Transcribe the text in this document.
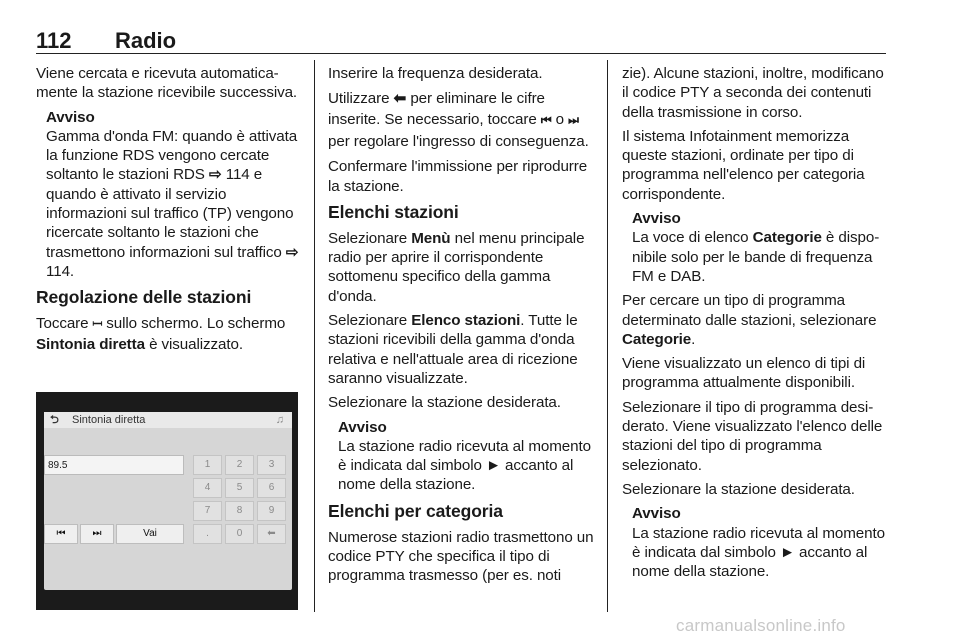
112 Radio

Viene cercata e ricevuta automaticamente la stazione ricevibile successiva.

Avviso
Gamma d'onda FM: quando è attivata la funzione RDS vengono cercate soltanto le stazioni RDS ⇨ 114 e quando è attivato il servizio informazioni sul traffico (TP) vengono ricercate soltanto le stazioni che trasmettono informazioni sul traffico ⇨ 114.
Regolazione delle stazioni

Toccare 𝄩 sullo schermo. Lo schermo Sintonia diretta è visualizzato.

⮌ Sintonia diretta	♫
89.5	1	2	3
4	5	6
7	8	9
.	0	⬅
⏮	⏭	Vai

Inserire la frequenza desiderata.

Utilizzare ⬅ per eliminare le cifre inserite. Se necessario, toccare ⏮ o ⏭ per regolare l'ingresso di conseguenza.

Confermare l'immissione per riprodurre la stazione.

Elenchi stazioni

Selezionare Menù nel menu principale radio per aprire il corrispondente sottomenu specifico della gamma d'onda.

Selezionare Elenco stazioni. Tutte le stazioni ricevibili della gamma d'onda relativa e nell'attuale area di ricezione saranno visualizzate.

Selezionare la stazione desiderata.

Avviso
La stazione radio ricevuta al momento è indicata dal simbolo ► accanto al nome della stazione.
Elenchi per categoria

Numerose stazioni radio trasmettono un codice PTY che specifica il tipo di programma trasmesso (per es. noti

zie). Alcune stazioni, inoltre, modificano il codice PTY a seconda dei contenuti della trasmissione in corso.

Il sistema Infotainment memorizza queste stazioni, ordinate per tipo di programma nell'elenco per categoria corrispondente.

Avviso
La voce di elenco Categorie è disponibile solo per le bande di frequenza FM e DAB.

Per cercare un tipo di programma determinato dalle stazioni, selezionare Categorie.

Viene visualizzato un elenco di tipi di programma attualmente disponibili.

Selezionare il tipo di programma desiderato. Viene visualizzato l'elenco delle stazioni del tipo di programma selezionato.

Selezionare la stazione desiderata.

Avviso
La stazione radio ricevuta al momento è indicata dal simbolo ► accanto al nome della stazione.
carmanualsonline.info
